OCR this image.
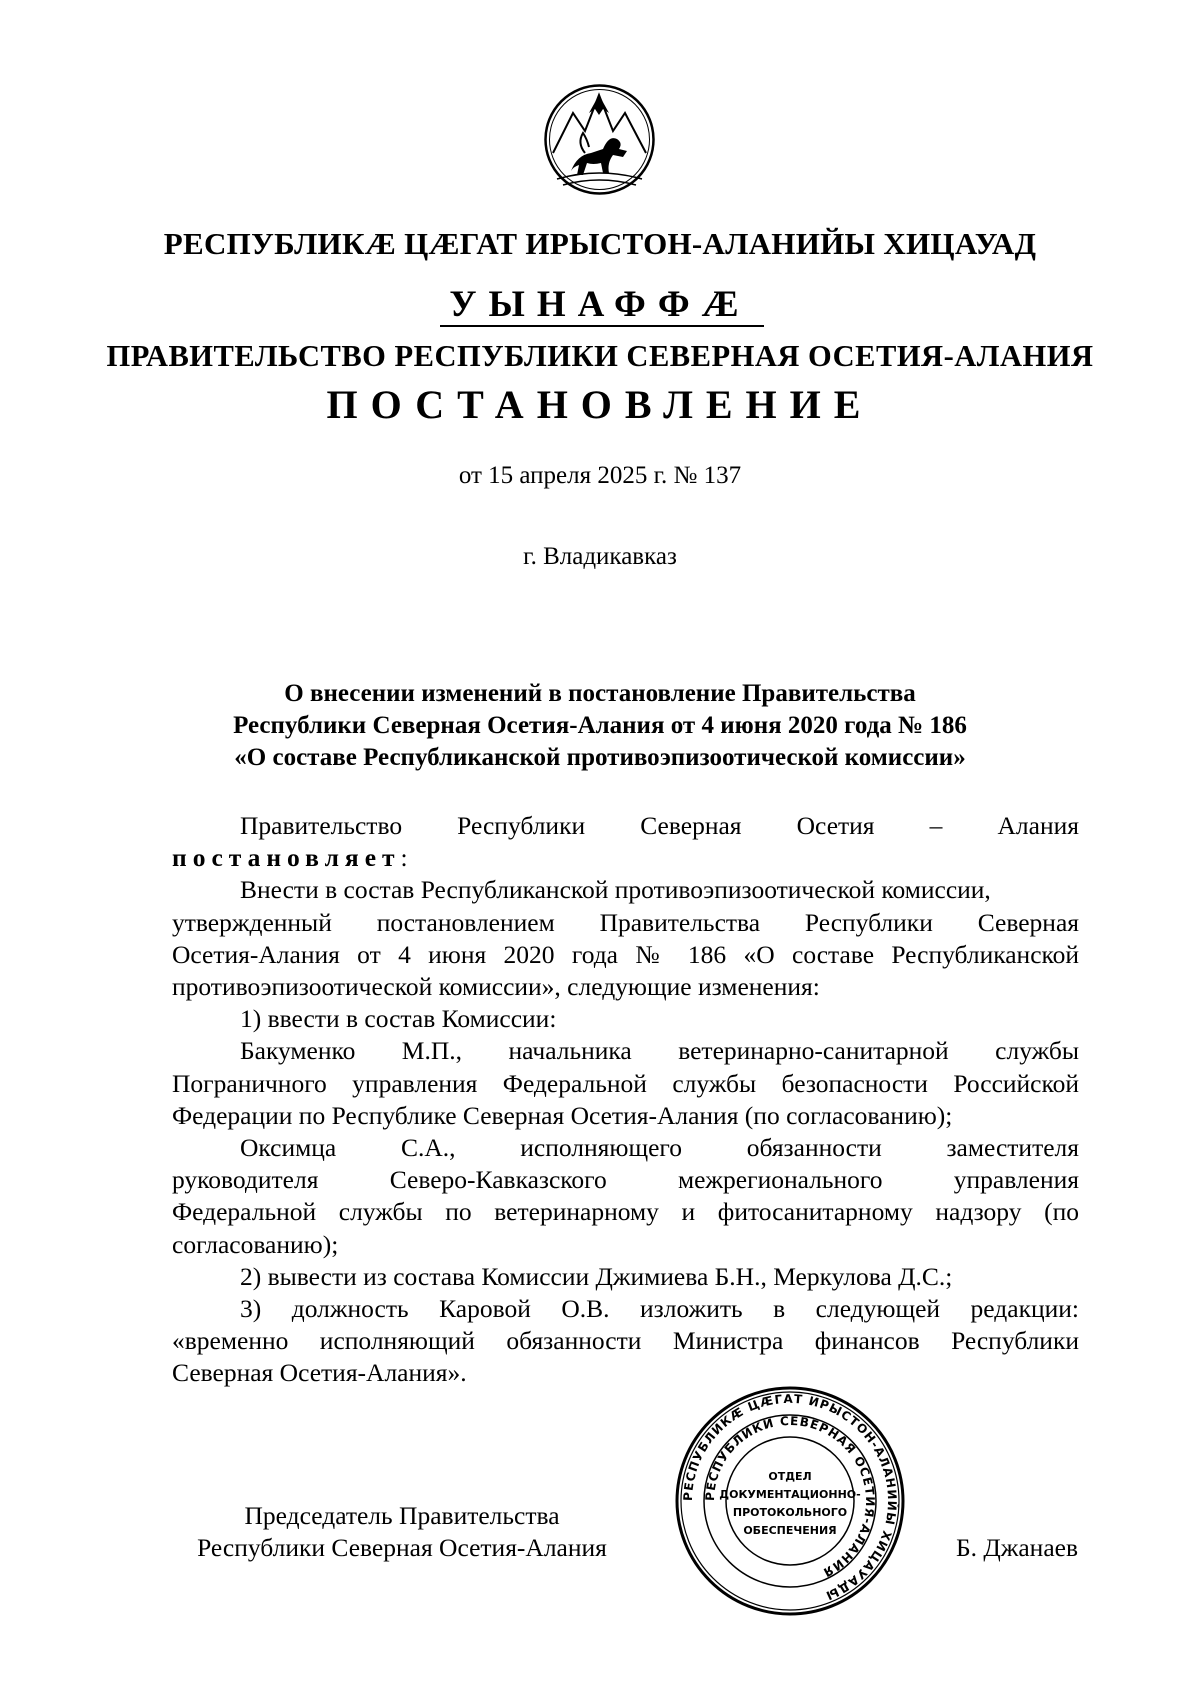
РЕСПУБЛИКÆ ЦÆГАТ ИРЫСТОН-АЛАНИЙЫ ХИЦАУАД
УЫНАФФÆ
ПРАВИТЕЛЬСТВО РЕСПУБЛИКИ СЕВЕРНАЯ ОСЕТИЯ-АЛАНИЯ
ПОСТАНОВЛЕНИЕ
от 15 апреля 2025 г. № 137
г. Владикавказ
О внесении изменений в постановление Правительства
Республики Северная Осетия-Алания от 4 июня 2020 года № 186
«О составе Республиканской противоэпизоотической комиссии»
Правительство Республики Северная Осетия – Алания
постановляет:
Внести в состав Республиканской противоэпизоотической комиссии,
утвержденный постановлением Правительства Республики Северная
Осетия-Алания от 4 июня 2020 года № 186 «О составе Республиканской
противоэпизоотической комиссии», следующие изменения:
1) ввести в состав Комиссии:
Бакуменко М.П., начальника ветеринарно-санитарной службы
Пограничного управления Федеральной службы безопасности Российской
Федерации по Республике Северная Осетия-Алания (по согласованию);
Оксимца С.А., исполняющего обязанности заместителя
руководителя Северо-Кавказского межрегионального управления
Федеральной службы по ветеринарному и фитосанитарному надзору (по
согласованию);
2) вывести из состава Комиссии Джимиева Б.Н., Меркулова Д.С.;
3) должность Каровой О.В. изложить в следующей редакции:
«временно исполняющий обязанности Министра финансов Республики
Северная Осетия-Алания».
Председатель Правительства
Республики Северная Осетия-Алания	Б. Джанаев
РЕСПУБЛИКÆ ЦÆГАТ ИРЫСТОН-АЛАНИЙЫ ХИЦАУАДЫ
РЕСПУБЛИКИ СЕВЕРНАЯ ОСЕТИЯ-АЛАНИЯ
ОТДЕЛ
ДОКУМЕНТАЦИОННО-
ПРОТОКОЛЬНОГО
ОБЕСПЕЧЕНИЯ
